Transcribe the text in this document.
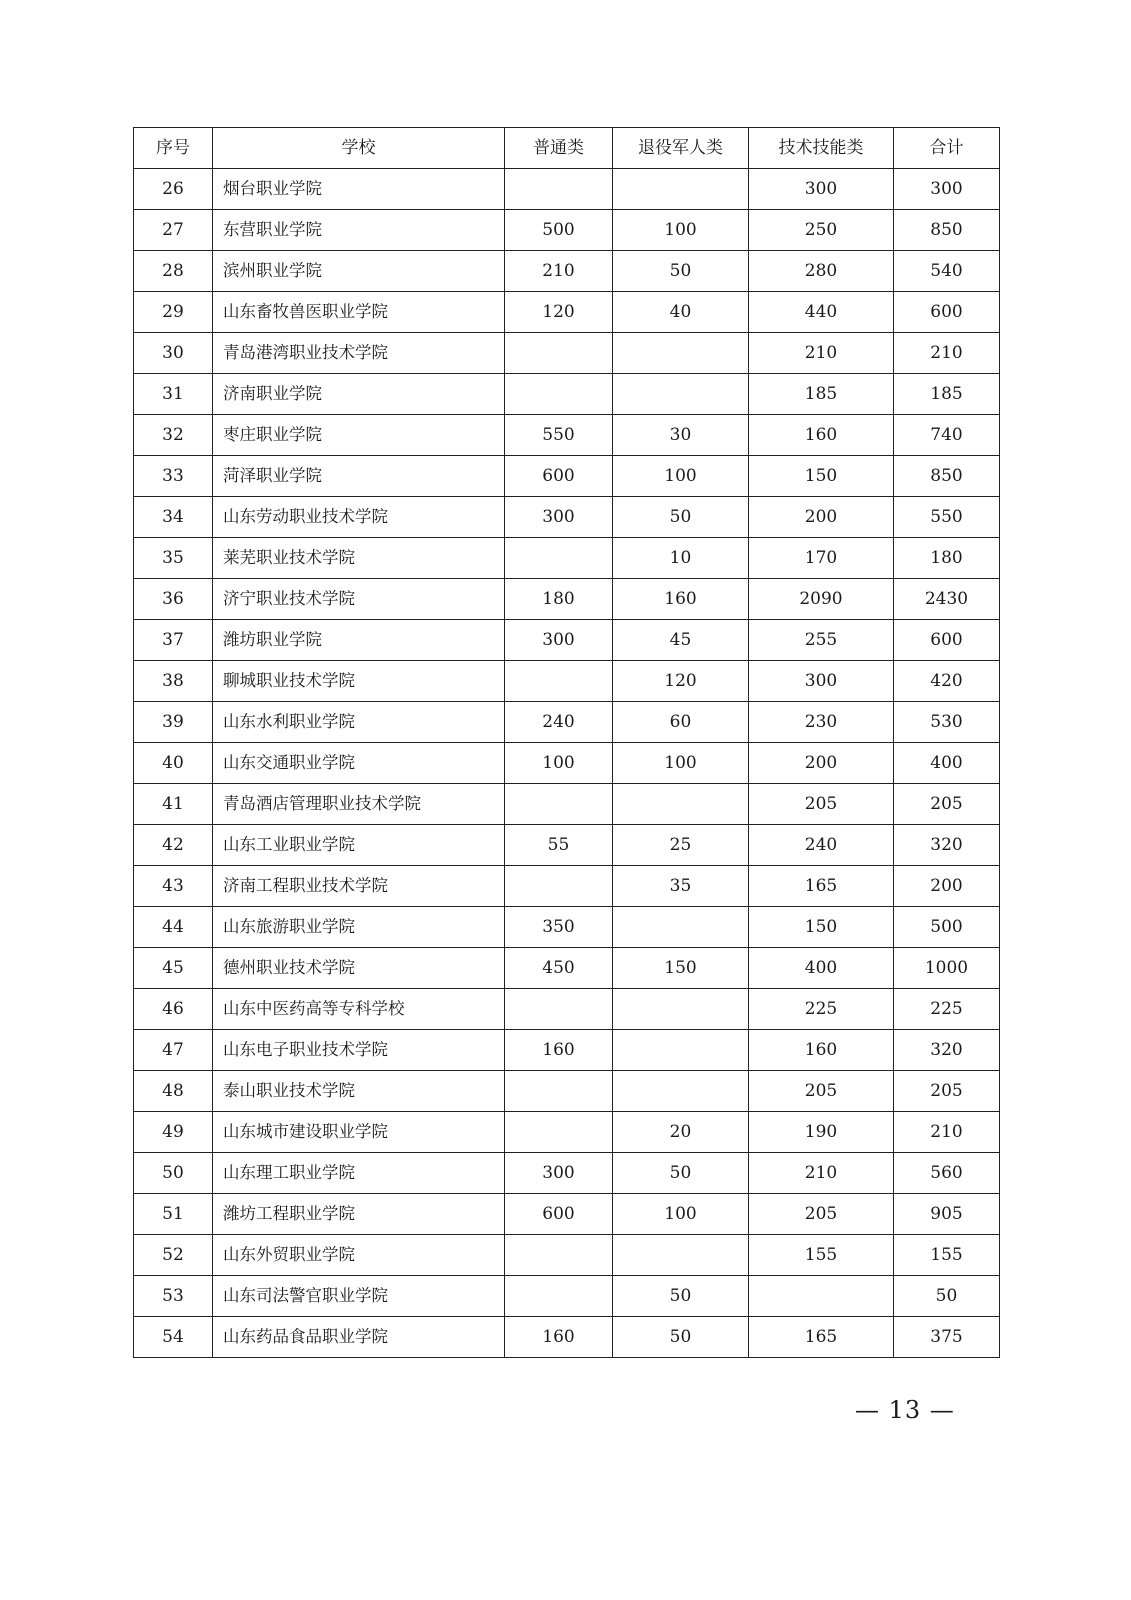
序号	学校	普通类	退役军人类	技术技能类	合计
26	烟台职业学院			300	300
27	东营职业学院	500	100	250	850
28	滨州职业学院	210	50	280	540
29	山东畜牧兽医职业学院	120	40	440	600
30	青岛港湾职业技术学院			210	210
31	济南职业学院			185	185
32	枣庄职业学院	550	30	160	740
33	菏泽职业学院	600	100	150	850
34	山东劳动职业技术学院	300	50	200	550
35	莱芜职业技术学院		10	170	180
36	济宁职业技术学院	180	160	2090	2430
37	潍坊职业学院	300	45	255	600
38	聊城职业技术学院		120	300	420
39	山东水利职业学院	240	60	230	530
40	山东交通职业学院	100	100	200	400
41	青岛酒店管理职业技术学院			205	205
42	山东工业职业学院	55	25	240	320
43	济南工程职业技术学院		35	165	200
44	山东旅游职业学院	350		150	500
45	德州职业技术学院	450	150	400	1000
46	山东中医药高等专科学校			225	225
47	山东电子职业技术学院	160		160	320
48	泰山职业技术学院			205	205
49	山东城市建设职业学院		20	190	210
50	山东理工职业学院	300	50	210	560
51	潍坊工程职业学院	600	100	205	905
52	山东外贸职业学院			155	155
53	山东司法警官职业学院		50		50
54	山东药品食品职业学院	160	50	165	375
— 13 —
